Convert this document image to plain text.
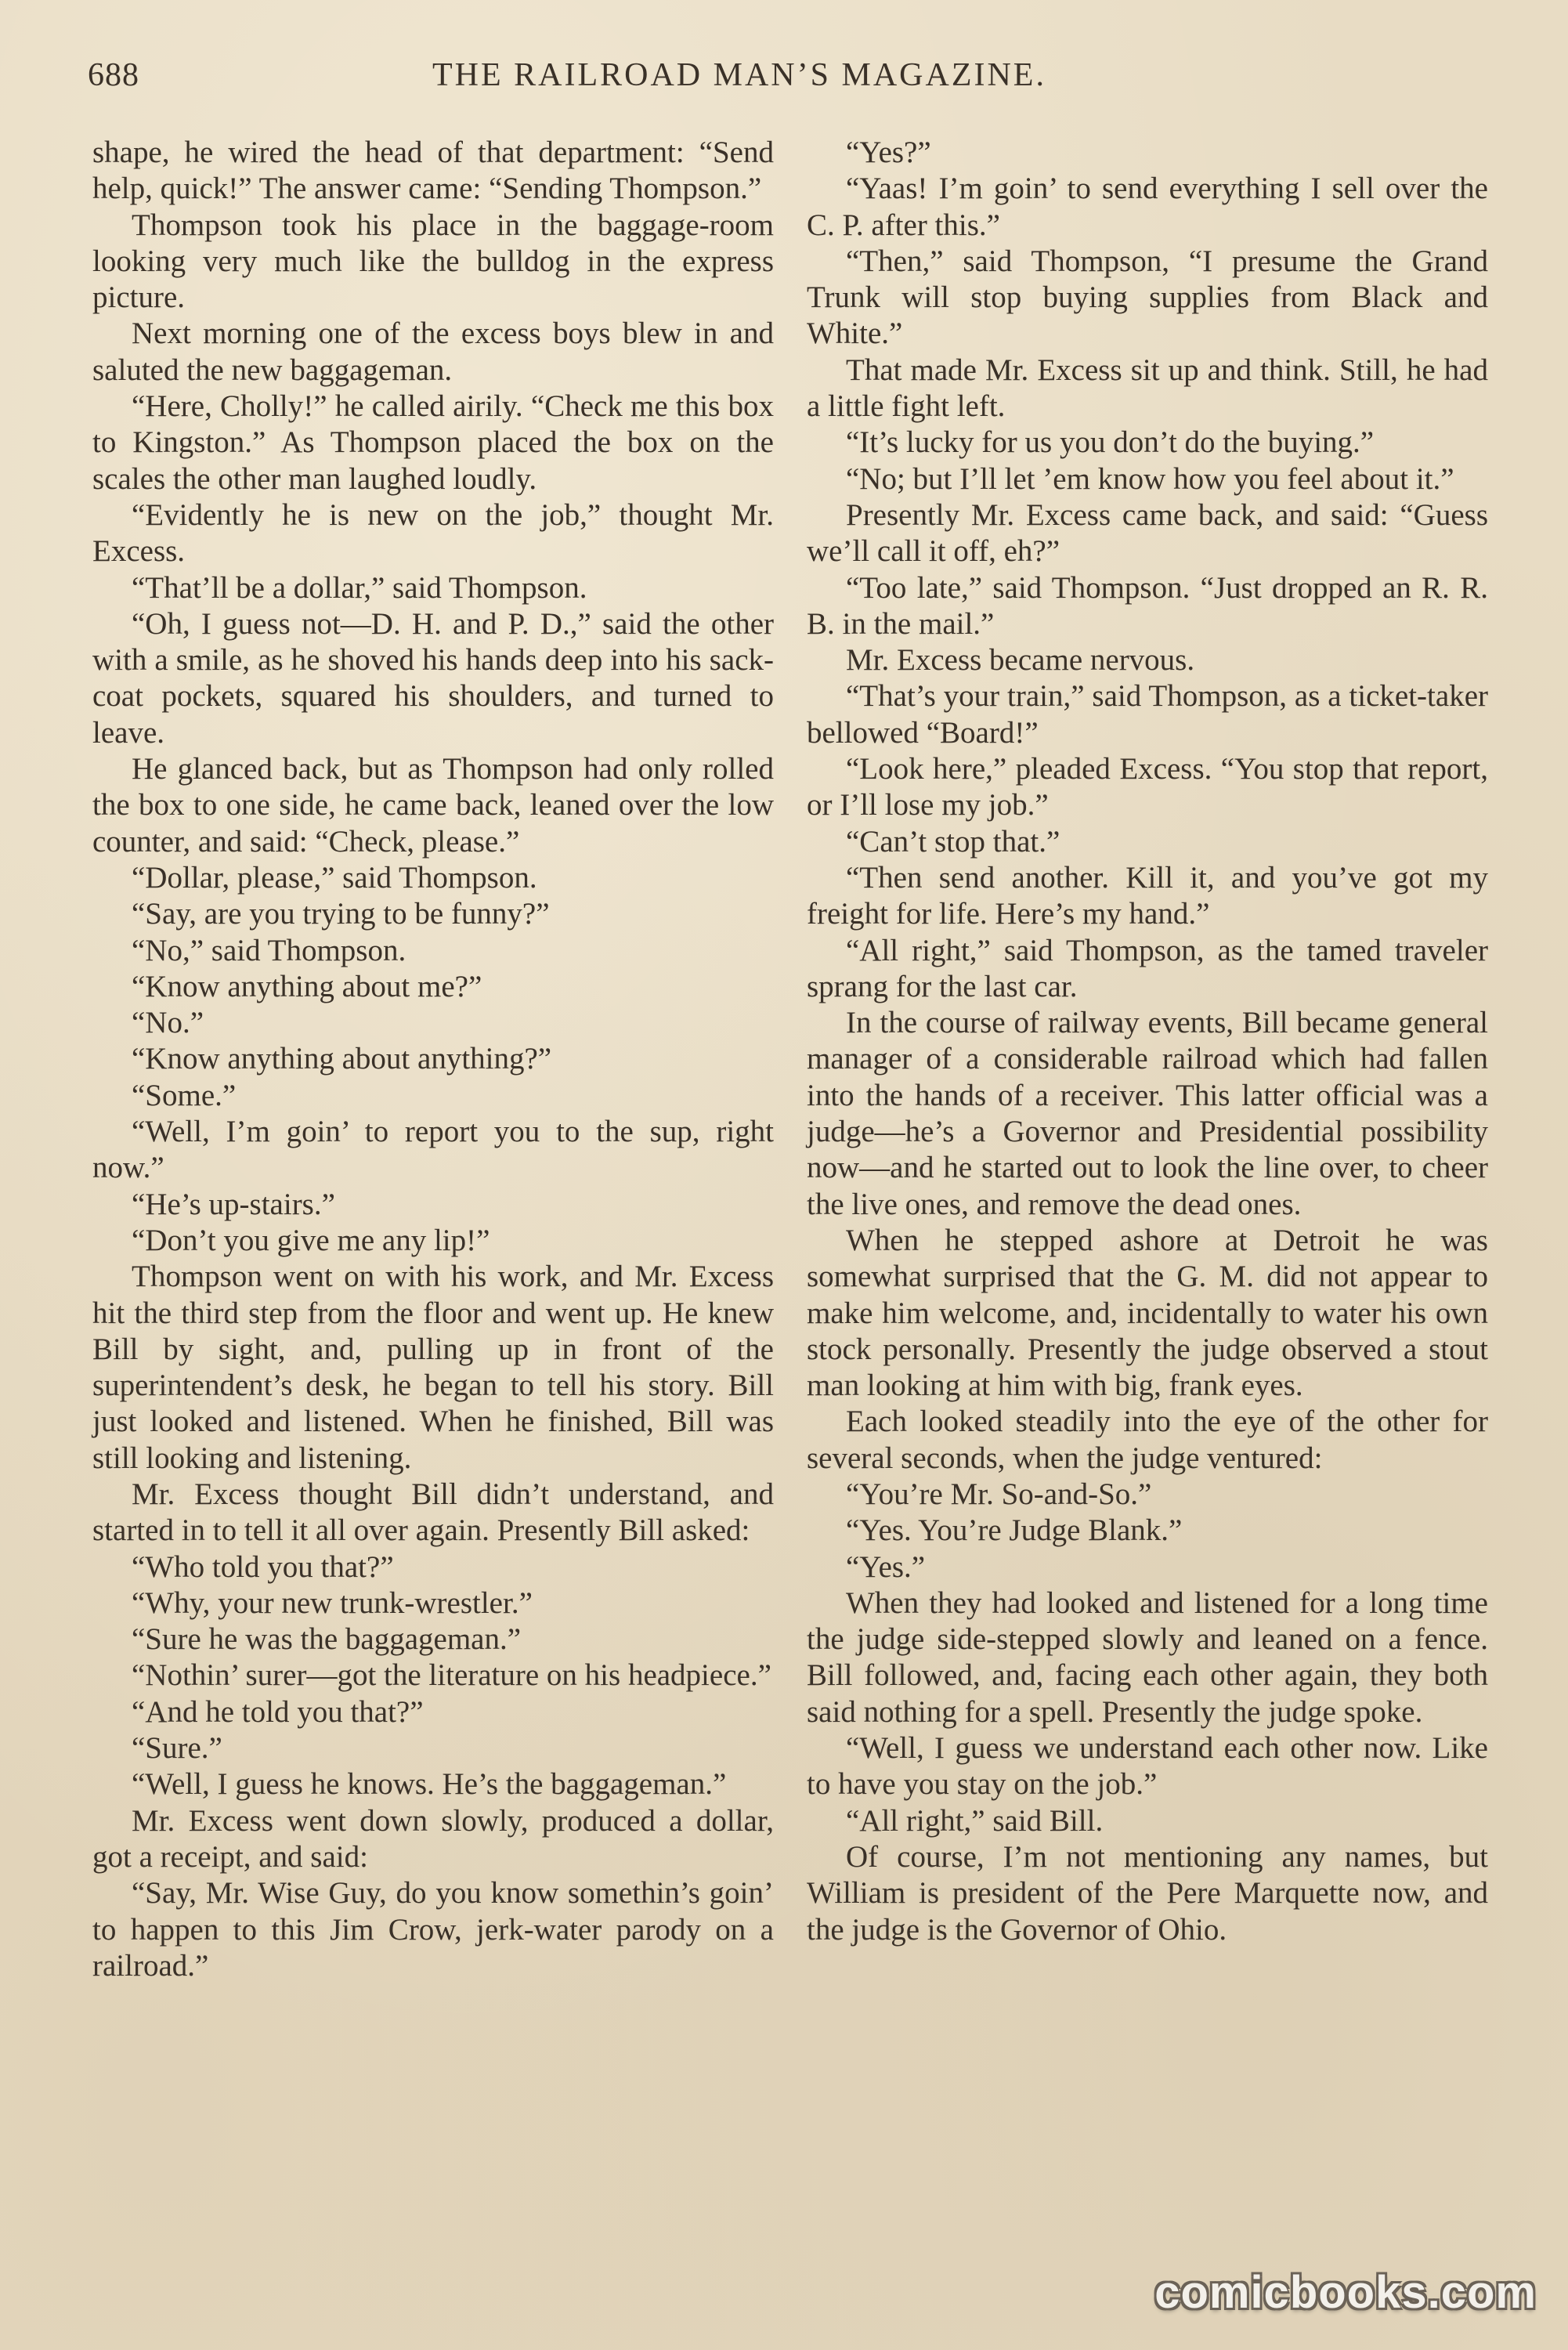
688	THE RAILROAD MAN’S MAGAZINE.

shape, he wired the head of that department: “Send help, quick!” The answer came: “Sending Thompson.”

Thompson took his place in the baggage-room looking very much like the bulldog in the express picture.

Next morning one of the excess boys blew in and saluted the new baggageman.

“Here, Cholly!” he called airily. “Check me this box to Kingston.” As Thompson placed the box on the scales the other man laughed loudly.

“Evidently he is new on the job,” thought Mr. Excess.

“That’ll be a dollar,” said Thompson.

“Oh, I guess not—D. H. and P. D.,” said the other with a smile, as he shoved his hands deep into his sack-coat pockets, squared his shoulders, and turned to leave.

He glanced back, but as Thompson had only rolled the box to one side, he came back, leaned over the low counter, and said: “Check, please.”

“Dollar, please,” said Thompson.

“Say, are you trying to be funny?”

“No,” said Thompson.

“Know anything about me?”

“No.”

“Know anything about anything?”

“Some.”

“Well, I’m goin’ to report you to the sup, right now.”

“He’s up-stairs.”

“Don’t you give me any lip!”

Thompson went on with his work, and Mr. Excess hit the third step from the floor and went up. He knew Bill by sight, and, pulling up in front of the superintendent’s desk, he began to tell his story. Bill just looked and listened. When he finished, Bill was still looking and listening.

Mr. Excess thought Bill didn’t understand, and started in to tell it all over again. Presently Bill asked:

“Who told you that?”

“Why, your new trunk-wrestler.”

“Sure he was the baggageman.”

“Nothin’ surer—got the literature on his headpiece.”

“And he told you that?”

“Sure.”

“Well, I guess he knows. He’s the baggageman.”

Mr. Excess went down slowly, produced a dollar, got a receipt, and said:

“Say, Mr. Wise Guy, do you know somethin’s goin’ to happen to this Jim Crow, jerk-water parody on a railroad.”

“Yes?”

“Yaas! I’m goin’ to send everything I sell over the C. P. after this.”

“Then,” said Thompson, “I presume the Grand Trunk will stop buying supplies from Black and White.”

That made Mr. Excess sit up and think. Still, he had a little fight left.

“It’s lucky for us you don’t do the buying.”

“No; but I’ll let ’em know how you feel about it.”

Presently Mr. Excess came back, and said: “Guess we’ll call it off, eh?”

“Too late,” said Thompson. “Just dropped an R. R. B. in the mail.”

Mr. Excess became nervous.

“That’s your train,” said Thompson, as a ticket-taker bellowed “Board!”

“Look here,” pleaded Excess. “You stop that report, or I’ll lose my job.”

“Can’t stop that.”

“Then send another. Kill it, and you’ve got my freight for life. Here’s my hand.”

“All right,” said Thompson, as the tamed traveler sprang for the last car.

In the course of railway events, Bill became general manager of a considerable railroad which had fallen into the hands of a receiver. This latter official was a judge—he’s a Governor and Presidential possibility now—and he started out to look the line over, to cheer the live ones, and remove the dead ones.

When he stepped ashore at Detroit he was somewhat surprised that the G. M. did not appear to make him welcome, and, incidentally to water his own stock personally. Presently the judge observed a stout man looking at him with big, frank eyes.

Each looked steadily into the eye of the other for several seconds, when the judge ventured:

“You’re Mr. So-and-So.”

“Yes. You’re Judge Blank.”

“Yes.”

When they had looked and listened for a long time the judge side-stepped slowly and leaned on a fence. Bill followed, and, facing each other again, they both said nothing for a spell. Presently the judge spoke.

“Well, I guess we understand each other now. Like to have you stay on the job.”

“All right,” said Bill.

Of course, I’m not mentioning any names, but William is president of the Pere Marquette now, and the judge is the Governor of Ohio.

comicbooks.com
